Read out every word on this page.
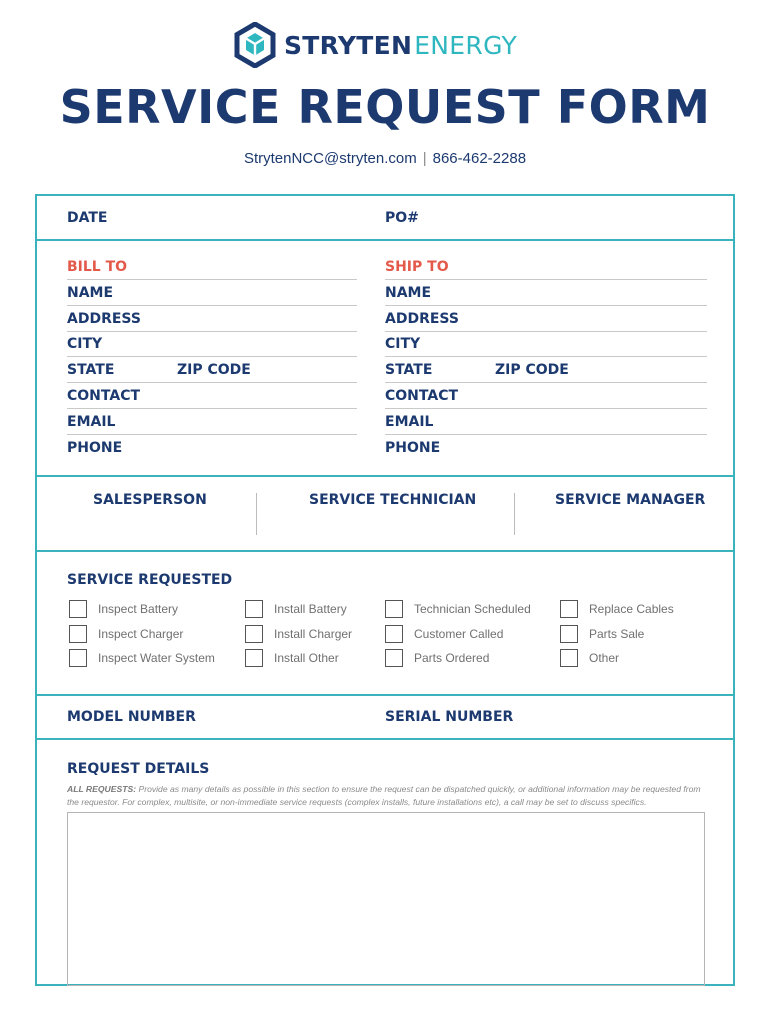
STRYTENENERGY
SERVICE REQUEST FORM
StrytenNCC@stryten.com | 866-462-2288
DATE	PO#
BILL TO
NAME
ADDRESS
CITY
STATE	ZIP CODE
CONTACT
EMAIL
PHONE
SHIP TO
NAME
ADDRESS
CITY
STATE	ZIP CODE
CONTACT
EMAIL
PHONE
SALESPERSON	SERVICE TECHNICIAN	SERVICE MANAGER
SERVICE REQUESTED
Inspect Battery
Inspect Charger
Inspect Water System
Install Battery
Install Charger
Install Other
Technician Scheduled
Customer Called
Parts Ordered
Replace Cables
Parts Sale
Other
MODEL NUMBER	SERIAL NUMBER
REQUEST DETAILS
ALL REQUESTS: Provide as many details as possible in this section to ensure the request can be dispatched quickly, or additional information may be requested from the requestor. For complex, multisite, or non-immediate service requests (complex installs, future installations etc), a call may be set to discuss specifics.
